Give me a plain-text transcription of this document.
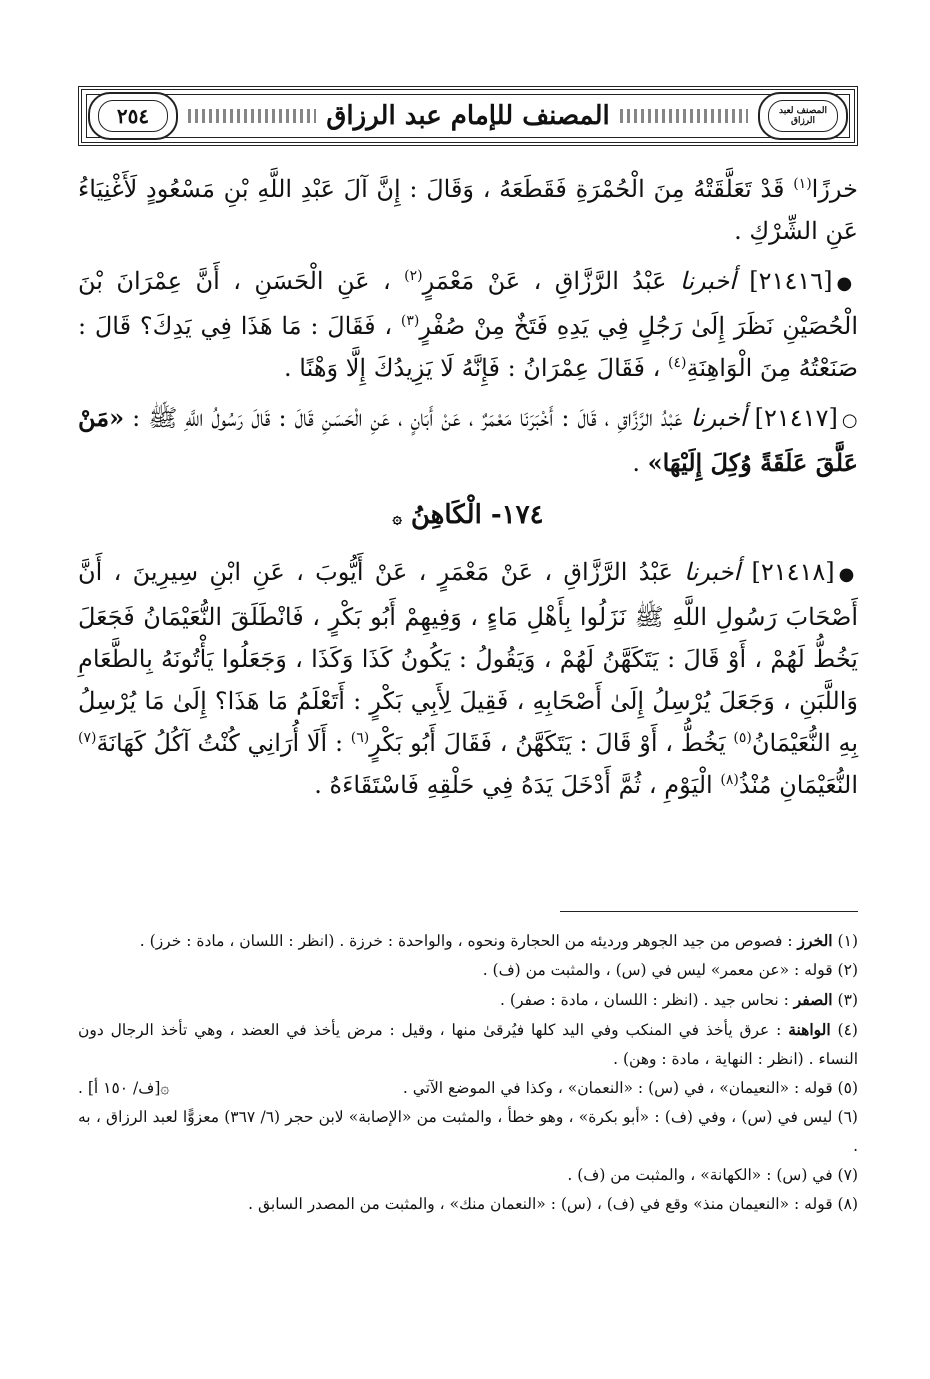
٢٥٤	المصنف للإمام عبد الرزاق	المصنف لعبد الرزاق

خرزًا$^{(١)}$ قَدْ تَعَلَّقَتْهُ مِنَ الْحُمْرَةِ فَقَطَعَهُ ، وَقَالَ : إِنَّ آلَ عَبْدِ اللَّهِ بْنِ مَسْعُودٍ لَأَغْنِيَاءُ عَنِ الشِّرْكِ .

●[٢١٤١٦] أخبرنا عَبْدُ الرَّزَّاقِ ، عَنْ مَعْمَرٍ$^{(٢)}$ ، عَنِ الْحَسَنِ ، أَنَّ عِمْرَانَ بْنَ الْحُصَيْنِ نَظَرَ إِلَىٰ رَجُلٍ فِي يَدِهِ فَتَخٌ مِنْ صُفْرٍ$^{(٣)}$ ، فَقَالَ : مَا هَذَا فِي يَدِكَ؟ قَالَ : صَنَعْتُهُ مِنَ الْوَاهِنَةِ$^{(٤)}$ ، فَقَالَ عِمْرَانُ : فَإِنَّهُ لَا يَزِيدُكَ إِلَّا وَهْنًا .

○[٢١٤١٧] أخبرنا عَبْدُ الرَّزَّاقِ ، قَالَ : أَخْبَرَنَا مَعْمَرٌ ، عَنْ أَبَانٍ ، عَنِ الْحَسَنِ قَالَ : قَالَ رَسُولُ اللَّهِ ﷺ : «مَنْ عَلَّقَ عَلَقَةً وُكِلَ إِلَيْهَا» .

١٧٤- الْكَاهِنُ ۞

●[٢١٤١٨] أخبرنا عَبْدُ الرَّزَّاقِ ، عَنْ مَعْمَرٍ ، عَنْ أَيُّوبَ ، عَنِ ابْنِ سِيرِينَ ، أَنَّ أَصْحَابَ رَسُولِ اللَّهِ ﷺ نَزَلُوا بِأَهْلِ مَاءٍ ، وَفِيهِمْ أَبُو بَكْرٍ ، فَانْطَلَقَ النُّعَيْمَانُ فَجَعَلَ يَخُطُّ لَهُمْ ، أَوْ قَالَ : يَتَكَهَّنُ لَهُمْ ، وَيَقُولُ : يَكُونُ كَذَا وَكَذَا ، وَجَعَلُوا يَأْتُونَهُ بِالطَّعَامِ وَاللَّبَنِ ، وَجَعَلَ يُرْسِلُ إِلَىٰ أَصْحَابِهِ ، فَقِيلَ لِأَبِي بَكْرٍ : أَتَعْلَمُ مَا هَذَا؟ إِلَىٰ مَا يُرْسِلُ بِهِ النُّعَيْمَانُ$^{(٥)}$ يَخُطُّ ، أَوْ قَالَ : يَتَكَهَّنُ ، فَقَالَ أَبُو بَكْرٍ$^{(٦)}$ : أَلَا أُرَانِي كُنْتُ آكُلُ كَهَانَةَ$^{(٧)}$ النُّعَيْمَانِ مُنْذُ$^{(٨)}$ الْيَوْمِ ، ثُمَّ أَدْخَلَ يَدَهُ فِي حَلْقِهِ فَاسْتَقَاءَهُ .

(١) الخرز : فصوص من جيد الجوهر ورديئه من الحجارة ونحوه ، والواحدة : خرزة . (انظر : اللسان ، مادة : خرز) .

(٢) قوله : «عن معمر» ليس في (س) ، والمثبت من (ف) .

(٣) الصفر : نحاس جيد . (انظر : اللسان ، مادة : صفر) .

(٤) الواهنة : عرق يأخذ في المنكب وفي اليد كلها فيُرقىٰ منها ، وقيل : مرض يأخذ في العضد ، وهي تأخذ الرجال دون النساء . (انظر : النهاية ، مادة : وهن) .

(٥) قوله : «النعيمان» ، في (س) : «النعمان» ، وكذا في الموضع الآتي .
۞[ف/ ١٥٠ أ] .

(٦) ليس في (س) ، وفي (ف) : «أبو بكرة» ، وهو خطأ ، والمثبت من «الإصابة» لابن حجر (٦/ ٣٦٧) معزوًّا لعبد الرزاق ، به .

(٧) في (س) : «الكهانة» ، والمثبت من (ف) .

(٨) قوله : «النعيمان منذ» وقع في (ف) ، (س) : «النعمان منك» ، والمثبت من المصدر السابق .
